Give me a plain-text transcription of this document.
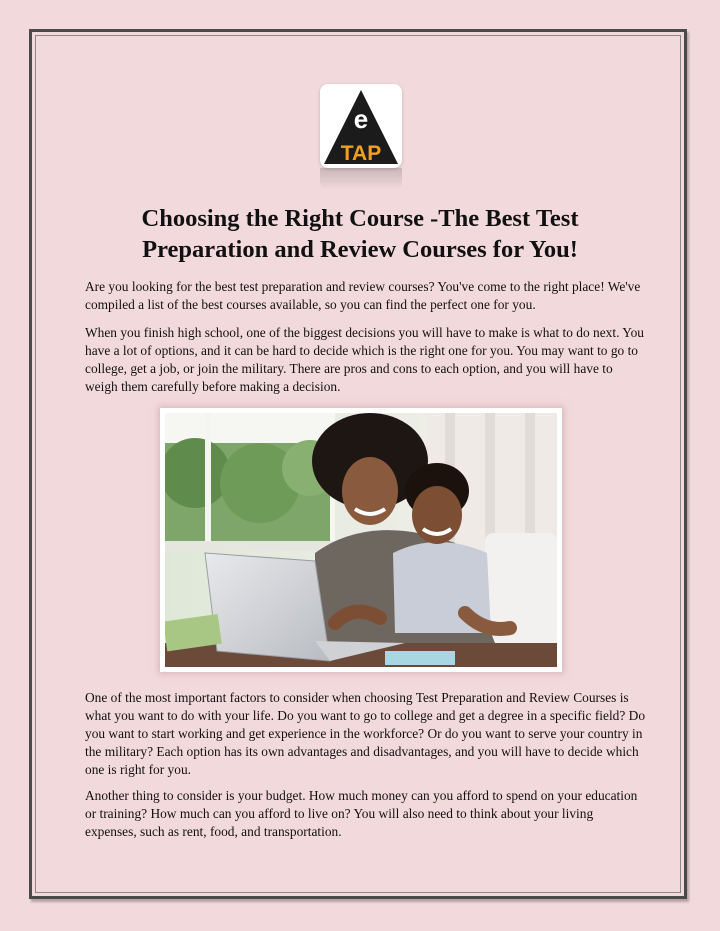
e
TAP
Choosing the Right Course -The Best Test
Preparation and Review Courses for You!

Are you looking for the best test preparation and review courses? You've come to the right place! We've compiled a list of the best courses available, so you can find the perfect one for you.

When you finish high school, one of the biggest decisions you will have to make is what to do next. You have a lot of options, and it can be hard to decide which is the right one for you. You may want to go to college, get a job, or join the military. There are pros and cons to each option, and you will have to weigh them carefully before making a decision.

One of the most important factors to consider when choosing Test Preparation and Review Courses is what you want to do with your life. Do you want to go to college and get a degree in a specific field? Do you want to start working and get experience in the workforce? Or do you want to serve your country in the military? Each option has its own advantages and disadvantages, and you will have to decide which one is right for you.

Another thing to consider is your budget. How much money can you afford to spend on your education or training? How much can you afford to live on? You will also need to think about your living expenses, such as rent, food, and transportation.
